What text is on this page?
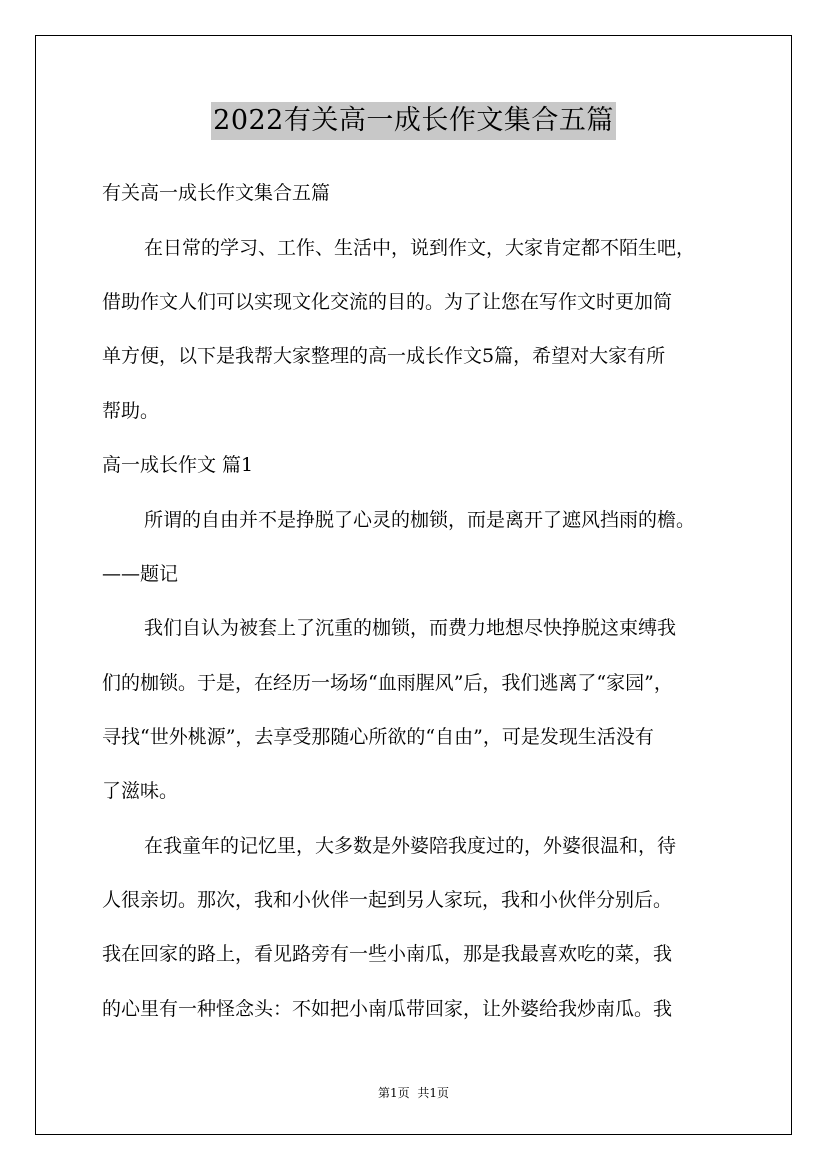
2022有关高一成长作文集合五篇
有关高一成长作文集合五篇
在日常的学习、工作、生活中，说到作文，大家肯定都不陌生吧，
借助作文人们可以实现文化交流的目的。为了让您在写作文时更加简
单方便，以下是我帮大家整理的高一成长作文5篇，希望对大家有所
帮助。
高一成长作文 篇1
所谓的自由并不是挣脱了心灵的枷锁，而是离开了遮风挡雨的檐。
——题记
我们自认为被套上了沉重的枷锁，而费力地想尽快挣脱这束缚我
们的枷锁。于是，在经历一场场“血雨腥风”后，我们逃离了“家园”，
寻找“世外桃源”，去享受那随心所欲的“自由”，可是发现生活没有
了滋味。
在我童年的记忆里，大多数是外婆陪我度过的，外婆很温和，待
人很亲切。那次，我和小伙伴一起到另人家玩，我和小伙伴分别后。
我在回家的路上，看见路旁有一些小南瓜，那是我最喜欢吃的菜，我
的心里有一种怪念头：不如把小南瓜带回家，让外婆给我炒南瓜。我
第1页 共1页
